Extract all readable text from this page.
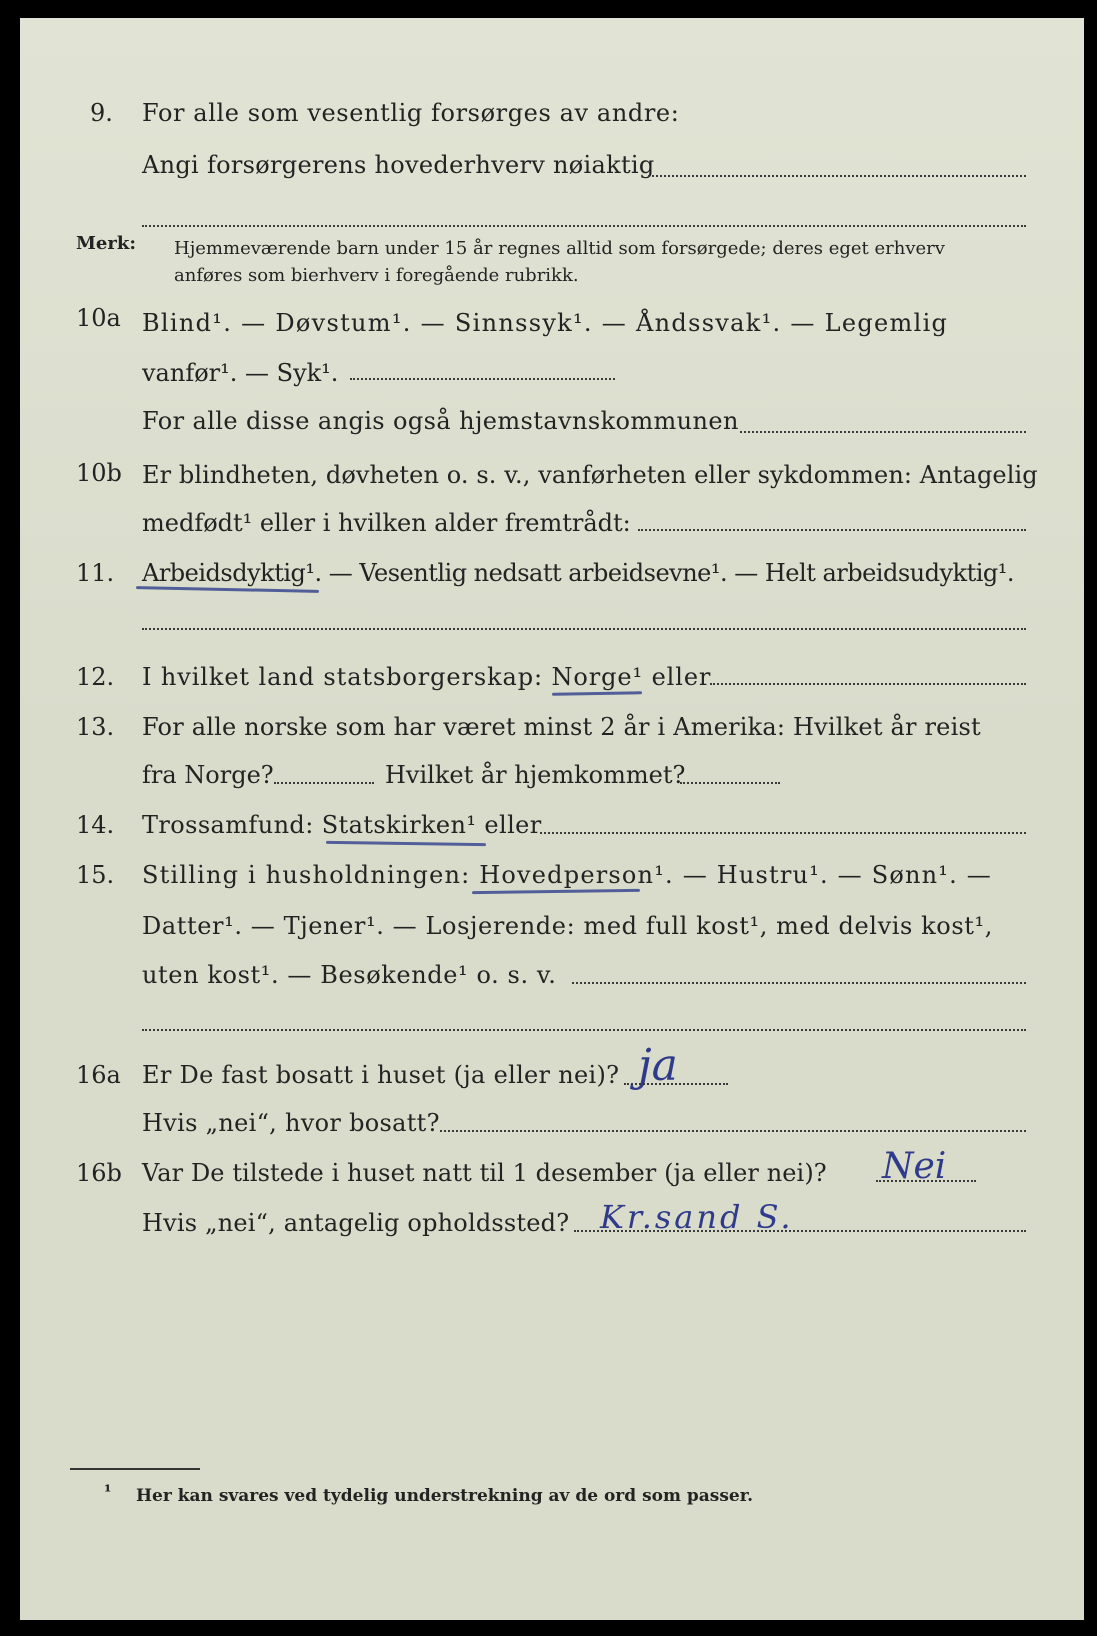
9. For alle som vesentlig forsørges av andre:
Angi forsørgerens hovederhverv nøiaktig
Merk: Hjemmeværende barn under 15 år regnes alltid som forsørgede; deres eget erhverv
anføres som bierhverv i foregående rubrikk.
10a Blind¹. — Døvstum¹. — Sinnssyk¹. — Åndssvak¹. — Legemlig
vanfør¹. — Syk¹.
For alle disse angis også hjemstavnskommunen
10b Er blindheten, døvheten o. s. v., vanførheten eller sykdommen: Antagelig
medfødt¹ eller i hvilken alder fremtrådt:
11. Arbeidsdyktig¹. — Vesentlig nedsatt arbeidsevne¹. — Helt arbeidsudyktig¹.
12. I hvilket land statsborgerskap: Norge¹ eller
13. For alle norske som har været minst 2 år i Amerika: Hvilket år reist
fra Norge?	Hvilket år hjemkommet?
14. Trossamfund: Statskirken¹ eller
15. Stilling i husholdningen: Hovedperson¹. — Hustru¹. — Sønn¹. —
Datter¹. — Tjener¹. — Losjerende: med full kost¹, med delvis kost¹,
uten kost¹. — Besøkende¹ o. s. v.
16a Er De fast bosatt i huset (ja eller nei)? ja
Hvis „nei“, hvor bosatt?
16b Var De tilstede i huset natt til 1 desember (ja eller nei)? Nei
Hvis „nei“, antagelig opholdssted? Kr.sand S.
¹ Her kan svares ved tydelig understrekning av de ord som passer.
